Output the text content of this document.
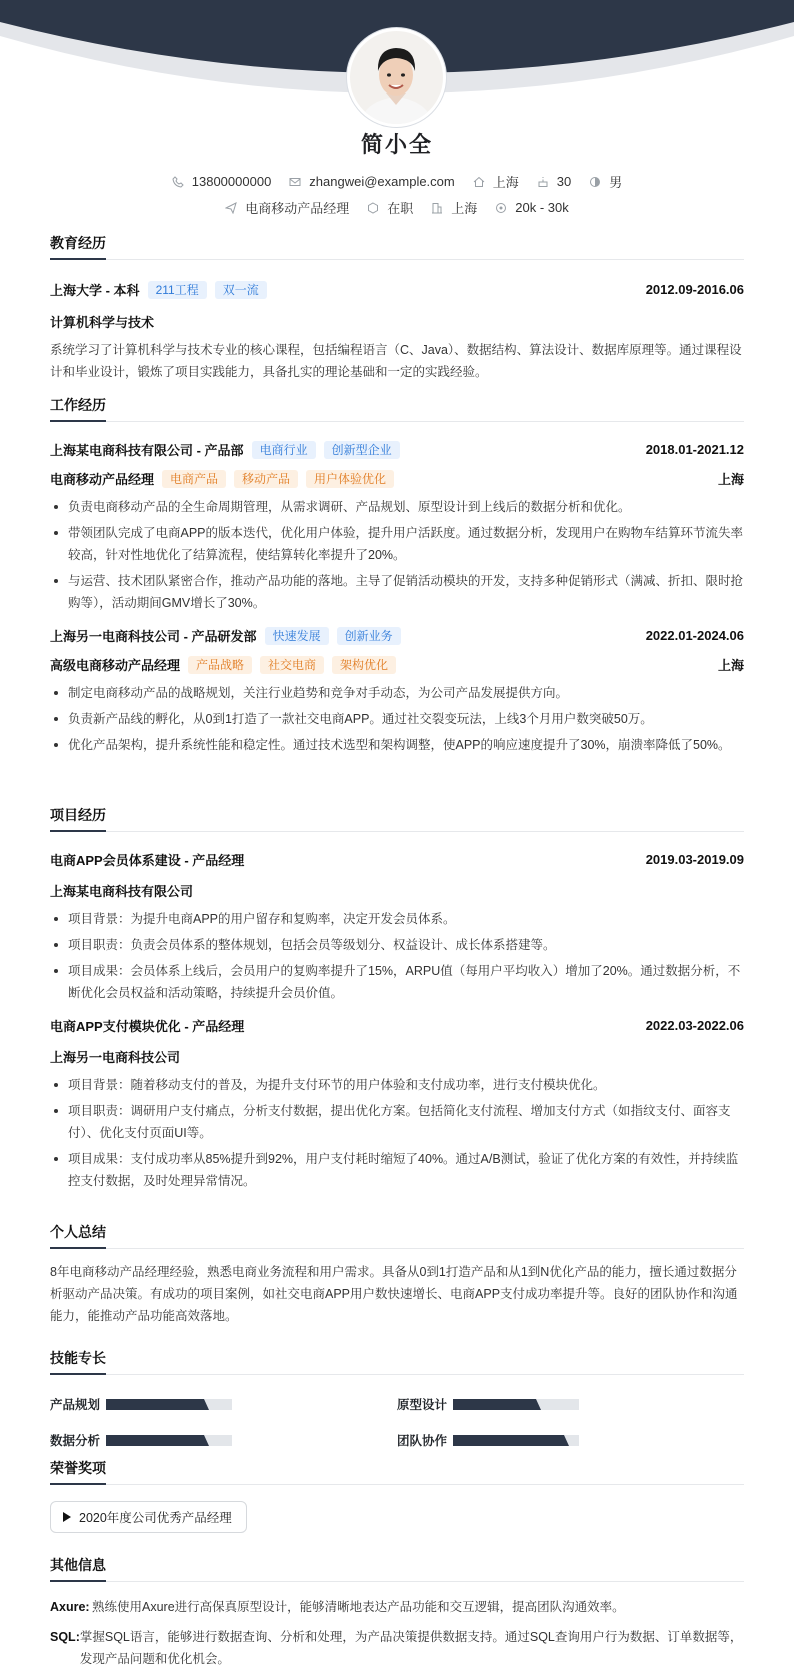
简小全
13800000000	zhangwei@example.com	上海	30	男
电商移动产品经理	在职	上海	20k - 30k
教育经历
上海大学 - 本科	211工程	双一流	2012.09-2016.06
计算机科学与技术
系统学习了计算机科学与技术专业的核心课程，包括编程语言（C、Java）、数据结构、算法设计、数据库原理等。通过课程设计和毕业设计，锻炼了项目实践能力，具备扎实的理论基础和一定的实践经验。
工作经历
上海某电商科技有限公司 - 产品部	电商行业	创新型企业	2018.01-2021.12
电商移动产品经理	电商产品	移动产品	用户体验优化	上海
负责电商移动产品的全生命周期管理，从需求调研、产品规划、原型设计到上线后的数据分析和优化。
带领团队完成了电商APP的版本迭代，优化用户体验，提升用户活跃度。通过数据分析，发现用户在购物车结算环节流失率较高，针对性地优化了结算流程，使结算转化率提升了20%。
与运营、技术团队紧密合作，推动产品功能的落地。主导了促销活动模块的开发，支持多种促销形式（满减、折扣、限时抢购等），活动期间GMV增长了30%。
上海另一电商科技公司 - 产品研发部	快速发展	创新业务	2022.01-2024.06
高级电商移动产品经理	产品战略	社交电商	架构优化	上海
制定电商移动产品的战略规划，关注行业趋势和竞争对手动态，为公司产品发展提供方向。
负责新产品线的孵化，从0到1打造了一款社交电商APP。通过社交裂变玩法，上线3个月用户数突破50万。
优化产品架构，提升系统性能和稳定性。通过技术选型和架构调整，使APP的响应速度提升了30%，崩溃率降低了50%。
项目经历
电商APP会员体系建设 - 产品经理	2019.03-2019.09
上海某电商科技有限公司
项目背景：为提升电商APP的用户留存和复购率，决定开发会员体系。
项目职责：负责会员体系的整体规划，包括会员等级划分、权益设计、成长体系搭建等。
项目成果：会员体系上线后，会员用户的复购率提升了15%，ARPU值（每用户平均收入）增加了20%。通过数据分析，不断优化会员权益和活动策略，持续提升会员价值。
电商APP支付模块优化 - 产品经理	2022.03-2022.06
上海另一电商科技公司
项目背景：随着移动支付的普及，为提升支付环节的用户体验和支付成功率，进行支付模块优化。
项目职责：调研用户支付痛点，分析支付数据，提出优化方案。包括简化支付流程、增加支付方式（如指纹支付、面容支付）、优化支付页面UI等。
项目成果：支付成功率从85%提升到92%，用户支付耗时缩短了40%。通过A/B测试，验证了优化方案的有效性，并持续监控支付数据，及时处理异常情况。
个人总结
8年电商移动产品经理经验，熟悉电商业务流程和用户需求。具备从0到1打造产品和从1到N优化产品的能力，擅长通过数据分析驱动产品决策。有成功的项目案例，如社交电商APP用户数快速增长、电商APP支付成功率提升等。良好的团队协作和沟通能力，能推动产品功能高效落地。
技能专长
产品规划	原型设计
数据分析	团队协作
荣誉奖项
2020年度公司优秀产品经理
其他信息
Axure: 熟练使用Axure进行高保真原型设计，能够清晰地表达产品功能和交互逻辑，提高团队沟通效率。
SQL: 掌握SQL语言，能够进行数据查询、分析和处理，为产品决策提供数据支持。通过SQL查询用户行为数据、订单数据等，发现产品问题和优化机会。
